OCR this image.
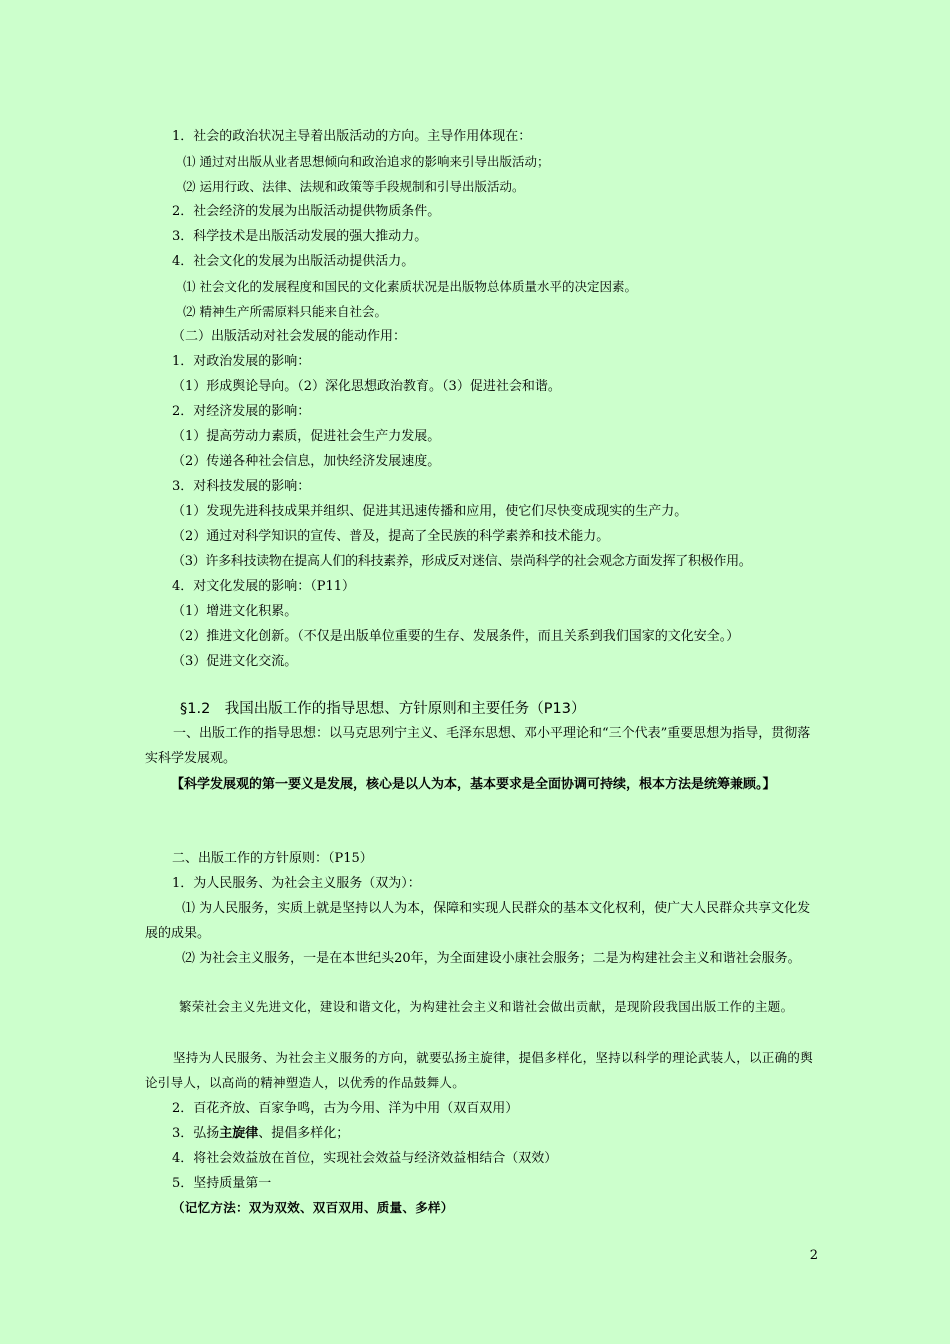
1．社会的政治状况主导着出版活动的方向。主导作用体现在：
⑴ 通过对出版从业者思想倾向和政治追求的影响来引导出版活动；
⑵ 运用行政、法律、法规和政策等手段规制和引导出版活动。
2．社会经济的发展为出版活动提供物质条件。
3．科学技术是出版活动发展的强大推动力。
4．社会文化的发展为出版活动提供活力。
⑴ 社会文化的发展程度和国民的文化素质状况是出版物总体质量水平的决定因素。
⑵ 精神生产所需原料只能来自社会。
（二）出版活动对社会发展的能动作用：
1．对政治发展的影响：
（1）形成舆论导向。（2）深化思想政治教育。（3）促进社会和谐。
2．对经济发展的影响：
（1）提高劳动力素质，促进社会生产力发展。
（2）传递各种社会信息，加快经济发展速度。
3．对科技发展的影响：
（1）发现先进科技成果并组织、促进其迅速传播和应用，使它们尽快变成现实的生产力。
（2）通过对科学知识的宣传、普及，提高了全民族的科学素养和技术能力。
（3）许多科技读物在提高人们的科技素养，形成反对迷信、崇尚科学的社会观念方面发挥了积极作用。
4．对文化发展的影响：（P11）
（1）增进文化积累。
（2）推进文化创新。（不仅是出版单位重要的生存、发展条件，而且关系到我们国家的文化安全。）
（3）促进文化交流。
§1.2　我国出版工作的指导思想、方针原则和主要任务（P13）
一、出版工作的指导思想：以马克思列宁主义、毛泽东思想、邓小平理论和“三个代表”重要思想为指导，贯彻落实科学发展观。
【科学发展观的第一要义是发展，核心是以人为本，基本要求是全面协调可持续，根本方法是统筹兼顾。】
二、出版工作的方针原则：（P15）
1．为人民服务、为社会主义服务（双为）：
⑴ 为人民服务，实质上就是坚持以人为本，保障和实现人民群众的基本文化权利，使广大人民群众共享文化发展的成果。
⑵ 为社会主义服务，一是在本世纪头20年，为全面建设小康社会服务；二是为构建社会主义和谐社会服务。
繁荣社会主义先进文化，建设和谐文化，为构建社会主义和谐社会做出贡献，是现阶段我国出版工作的主题。
坚持为人民服务、为社会主义服务的方向，就要弘扬主旋律，提倡多样化，坚持以科学的理论武装人，以正确的舆论引导人，以高尚的精神塑造人，以优秀的作品鼓舞人。
2．百花齐放、百家争鸣，古为今用、洋为中用（双百双用）
3．弘扬主旋律、提倡多样化；
4．将社会效益放在首位，实现社会效益与经济效益相结合（双效）
5．坚持质量第一
（记忆方法：双为双效、双百双用、质量、多样）
2
